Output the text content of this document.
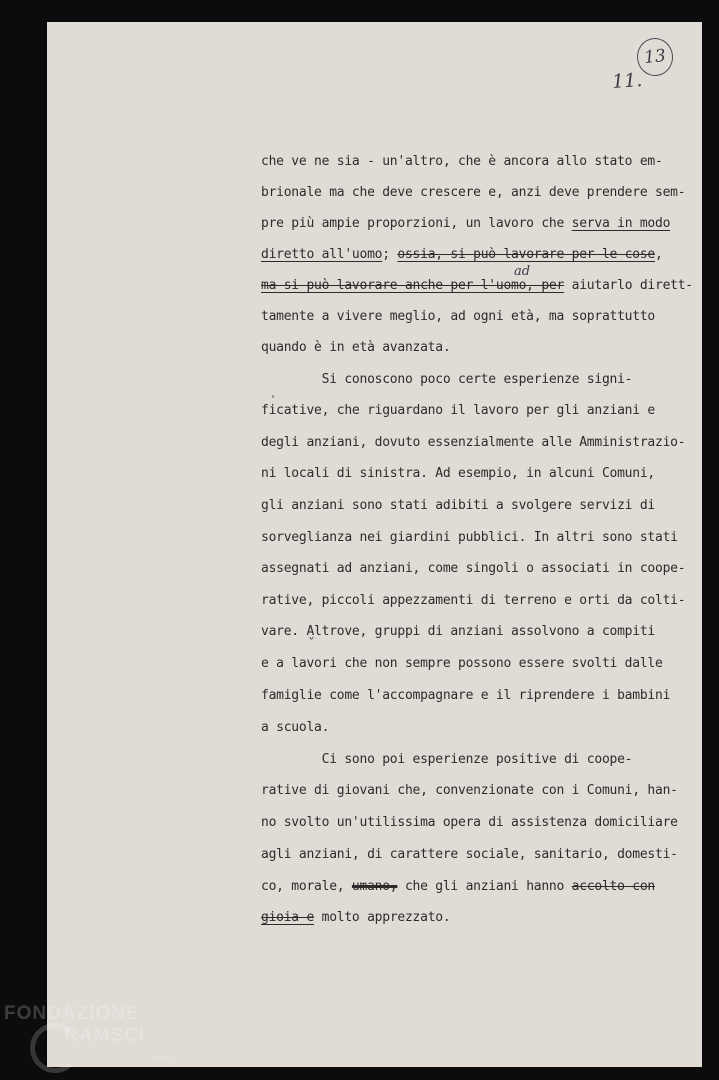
13
11.
che ve ne sia - un'altro, che è ancora allo stato em-
brionale ma che deve crescere e, anzi deve prendere sem-
pre più ampie proporzioni, un lavoro che serva in modo
diretto all'uomo; ossia, si può lavorare per le cose,
ad
ma si può lavorare anche per l'uomo, per aiutarlo dirett-
tamente a vivere meglio, ad ogni età, ma soprattutto
quando è in età avanzata.
Si conoscono poco certe esperienze signi-
ficative, che riguardano il lavoro per gli anziani e
degli anziani, dovuto essenzialmente alle Amministrazio-
ni locali di sinistra. Ad esempio, in alcuni Comuni,
gli anziani sono stati adibiti a svolgere servizi di
sorveglianza nei giardini pubblici. In altri sono stati
assegnati ad anziani, come singoli o associati in coope-
rative, piccoli appezzamenti di terreno e orti da colti-
vare. Altrove, gruppi di anziani assolvono a compiti
ˇ
e a lavori che non sempre possono essere svolti dalle
famiglie come l'accompagnare e il riprendere i bambini
a scuola.
Ci sono poi esperienze positive di coope-
rative di giovani che, convenzionate con i Comuni, han-
no svolto un'utilissima opera di assistenza domiciliare
agli anziani, di carattere sociale, sanitario, domesti-
co, morale, umano, che gli anziani hanno accolto con
gioia e molto apprezzato.
FONDAZIONE
RAMSCI
onlus
